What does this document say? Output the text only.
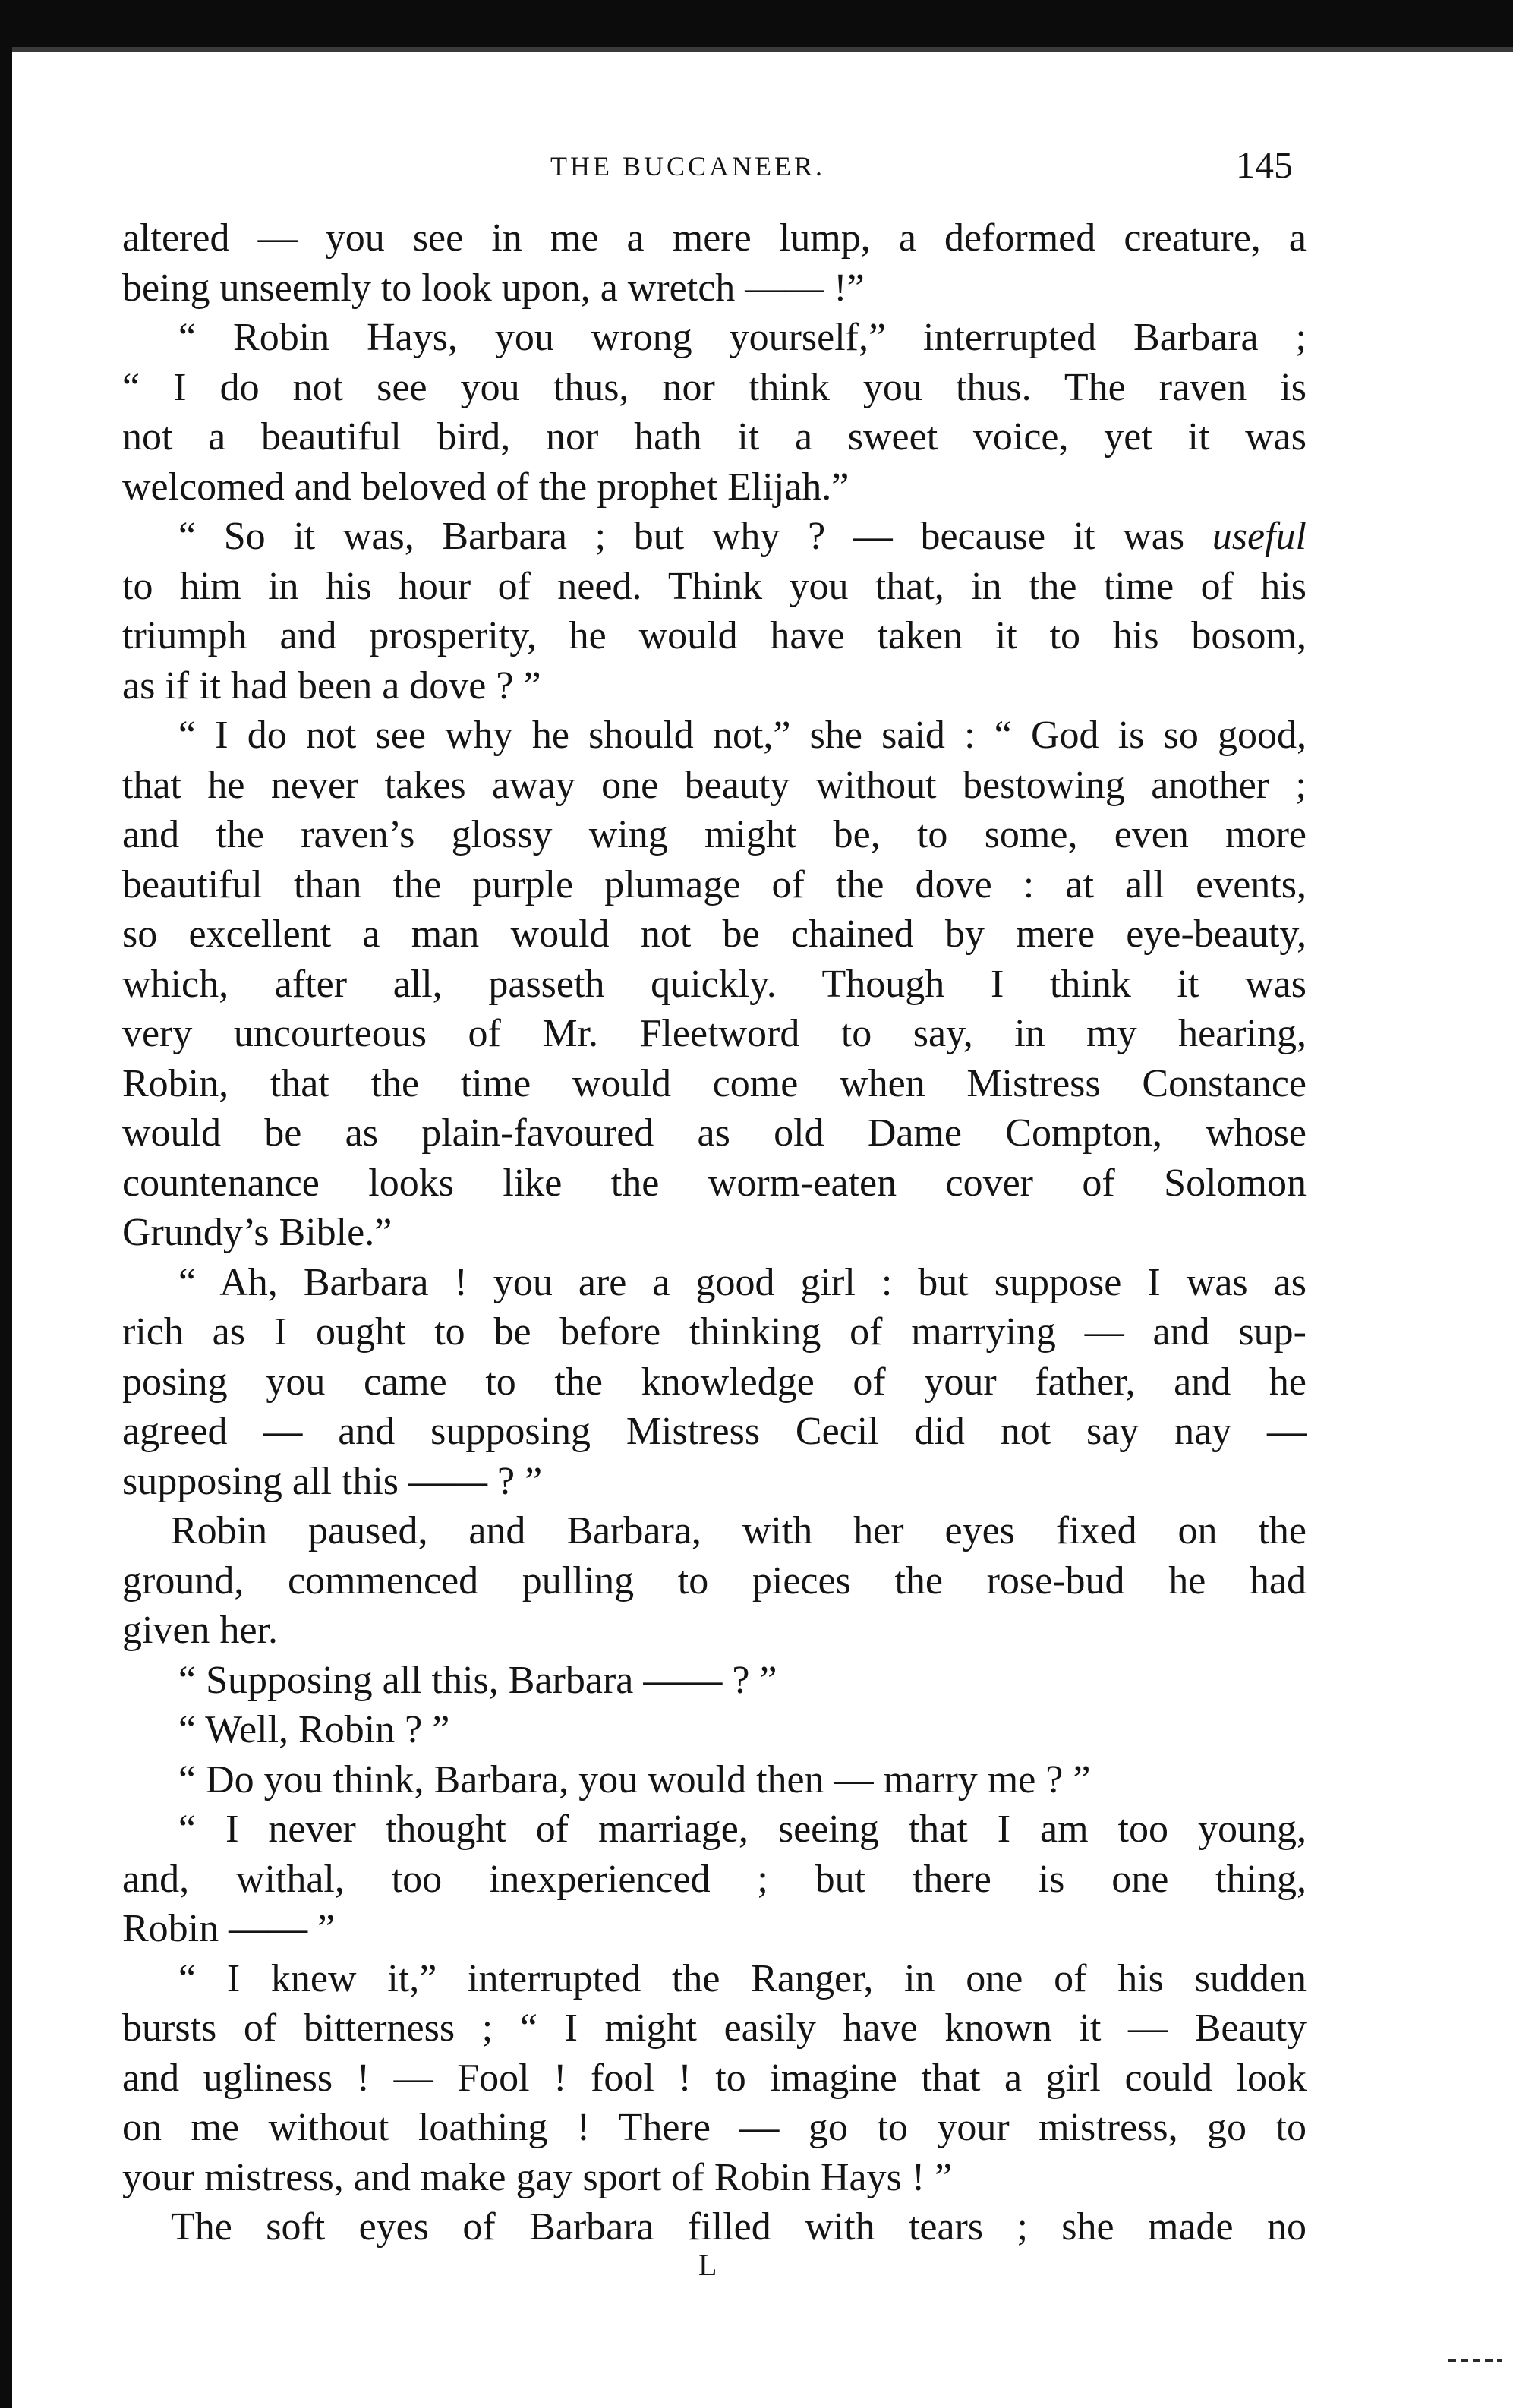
THE BUCCANEER.	145
altered — you see in me a mere lump, a deformed creature, a
being unseemly to look upon, a wretch —— !”
“ Robin Hays, you wrong yourself,” interrupted Barbara ;
“ I do not see you thus, nor think you thus. The raven is
not a beautiful bird, nor hath it a sweet voice, yet it was
welcomed and beloved of the prophet Elijah.”
“ So it was, Barbara ; but why ? — because it was useful
to him in his hour of need. Think you that, in the time of his
triumph and prosperity, he would have taken it to his bosom,
as if it had been a dove ? ”
“ I do not see why he should not,” she said : “ God is so good,
that he never takes away one beauty without bestowing another ;
and the raven’s glossy wing might be, to some, even more
beautiful than the purple plumage of the dove : at all events,
so excellent a man would not be chained by mere eye-beauty,
which, after all, passeth quickly. Though I think it was
very uncourteous of Mr. Fleetword to say, in my hearing,
Robin, that the time would come when Mistress Constance
would be as plain-favoured as old Dame Compton, whose
countenance looks like the worm-eaten cover of Solomon
Grundy’s Bible.”
“ Ah, Barbara ! you are a good girl : but suppose I was as
rich as I ought to be before thinking of marrying — and sup-
posing you came to the knowledge of your father, and he
agreed — and supposing Mistress Cecil did not say nay —
supposing all this —— ? ”
Robin paused, and Barbara, with her eyes fixed on the
ground, commenced pulling to pieces the rose-bud he had
given her.
“ Supposing all this, Barbara —— ? ”
“ Well, Robin ? ”
“ Do you think, Barbara, you would then — marry me ? ”
“ I never thought of marriage, seeing that I am too young,
and, withal, too inexperienced ; but there is one thing,
Robin —— ”
“ I knew it,” interrupted the Ranger, in one of his sudden
bursts of bitterness ; “ I might easily have known it — Beauty
and ugliness ! — Fool ! fool ! to imagine that a girl could look
on me without loathing ! There — go to your mistress, go to
your mistress, and make gay sport of Robin Hays ! ”
The soft eyes of Barbara filled with tears ; she made no
L
